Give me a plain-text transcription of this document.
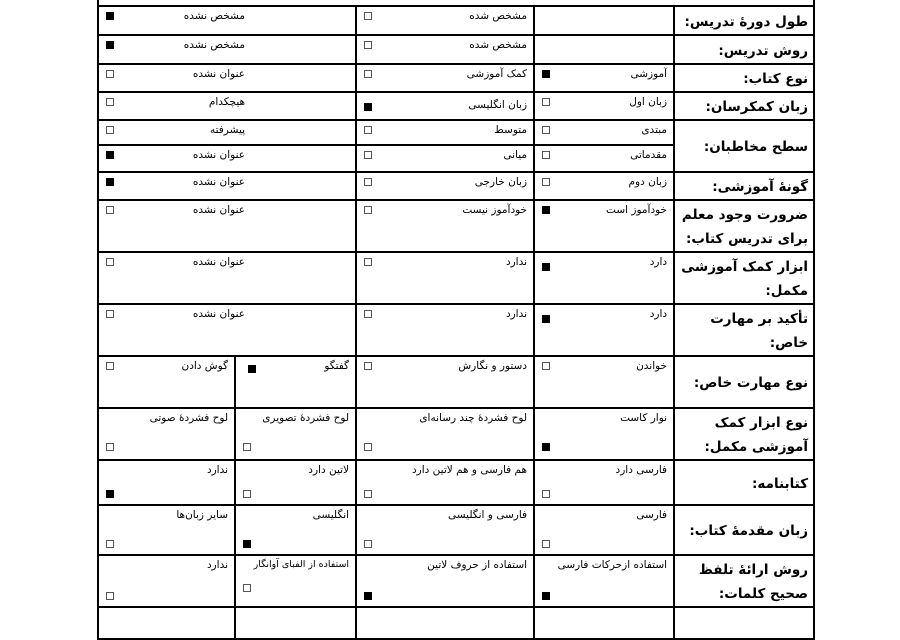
طول دورهٔ تدریس:		مشخص شده	مشخص نشده	

روش تدریس:		مشخص شده	مشخص نشده	

نوع کتاب:	آموزشی	کمک آموزشی	عنوان نشده	

زبان کمکرسان:	زبان اول	زبان انگلیسی	هیچکدام	

سطح مخاطبان:	مبتدی	متوسط	پیشرفته	

	مقدماتی	میانی	عنوان نشده	

گونهٔ آموزشی:	زبان دوم	زبان خارجی	عنوان نشده	

ضرورت وجود معلم برای تدریس کتاب:	خودآموز است	خودآموز نیست	عنوان نشده	

ابزار کمک آموزشی مکمل:	دارد	ندارد	عنوان نشده	

تأکید بر مهارت خاص:	دارد	ندارد	عنوان نشده	

نوع مهارت خاص:	خواندن	دستور و نگارش	گفتگو	گوش دادن

نوع ابزار کمک آموزشی مکمل:	نوار کاست	لوح فشردهٔ چند رسانه‌ای	لوح فشردهٔ تصویری	لوح فشردهٔ صوتی

کتابنامه:	فارسی دارد	هم فارسی و هم لاتین دارد	لاتین دارد	ندارد

زبان مقدمهٔ کتاب:	فارسی	فارسی و انگلیسی	انگلیسی	سایر زبان‌ها

روش ارائهٔ تلفظ صحیح کلمات:	استفاده ازحرکات فارسی	استفاده از حروف لاتین	استفاده از الفبای آوانگار	ندارد
